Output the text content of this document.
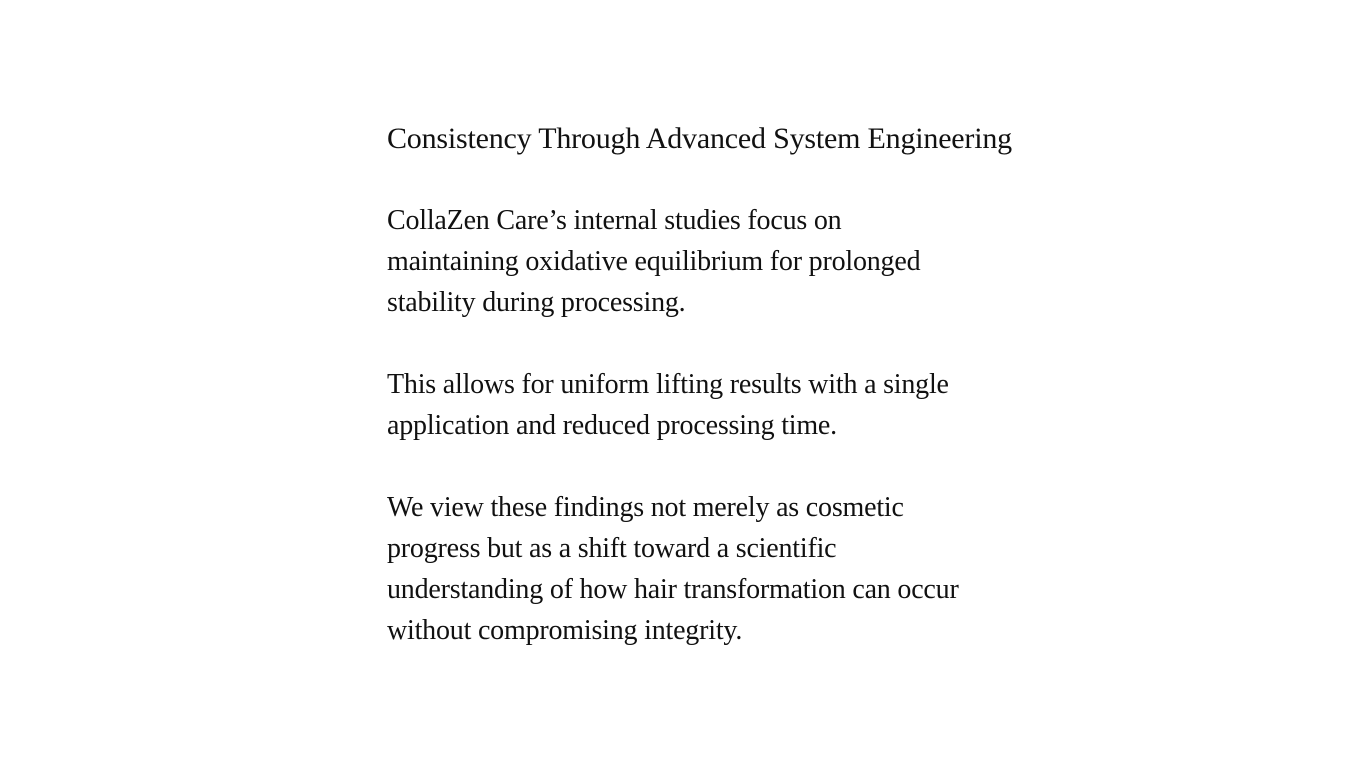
Consistency Through Advanced System Engineering

CollaZen Care’s internal studies focus on
maintaining oxidative equilibrium for prolonged
stability during processing.

This allows for uniform lifting results with a single
application and reduced processing time.

We view these findings not merely as cosmetic
progress but as a shift toward a scientific
understanding of how hair transformation can occur
without compromising integrity.
